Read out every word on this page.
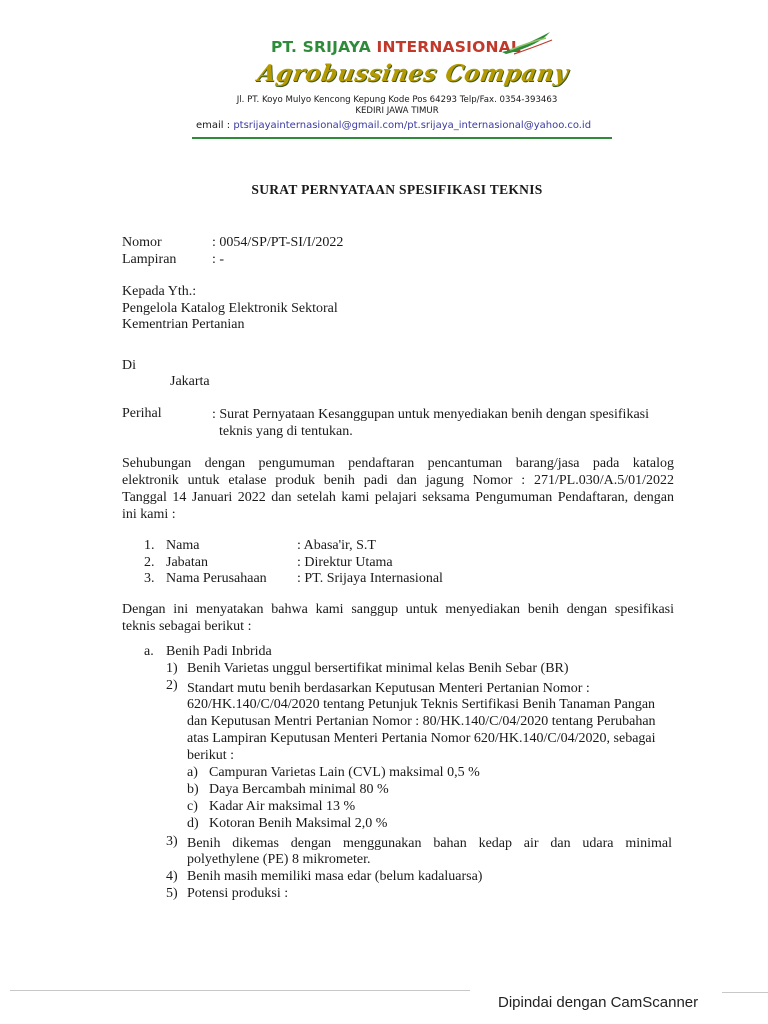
PT. SRIJAYA INTERNASIONAL
Agrobussines Company
Jl. PT. Koyo Mulyo Kencong Kepung Kode Pos 64293 Telp/Fax. 0354-393463
KEDIRI JAWA TIMUR
email : ptsrijayainternasional@gmail.com/pt.srijaya_internasional@yahoo.co.id
SURAT PERNYATAAN SPESIFIKASI TEKNIS
Nomor	: 0054/SP/PT-SI/I/2022
Lampiran	: -
Kepada Yth.:
Pengelola Katalog Elektronik Sektoral
Kementrian Pertanian
Di
Jakarta
Perihal	: Surat Pernyataan Kesanggupan untuk menyediakan benih dengan spesifikasi
teknis yang di tentukan.
Sehubungan dengan pengumuman pendaftaran pencantuman barang/jasa pada katalog
elektronik untuk etalase produk benih padi dan jagung Nomor : 271/PL.030/A.5/01/2022
Tanggal 14 Januari 2022 dan setelah kami pelajari seksama Pengumuman Pendaftaran, dengan
ini kami :
1. Nama	: Abasa'ir, S.T
2. Jabatan	: Direktur Utama
3. Nama Perusahaan : PT. Srijaya Internasional
Dengan ini menyatakan bahwa kami sanggup untuk menyediakan benih dengan spesifikasi
teknis sebagai berikut :
a. Benih Padi Inbrida
1) Benih Varietas unggul bersertifikat minimal kelas Benih Sebar (BR)
2) Standart mutu benih berdasarkan Keputusan Menteri Pertanian Nomor :
620/HK.140/C/04/2020 tentang Petunjuk Teknis Sertifikasi Benih Tanaman Pangan
dan Keputusan Mentri Pertanian Nomor : 80/HK.140/C/04/2020 tentang Perubahan
atas Lampiran Keputusan Menteri Pertania Nomor 620/HK.140/C/04/2020, sebagai
berikut :
a) Campuran Varietas Lain (CVL) maksimal 0,5 %
b) Daya Bercambah minimal 80 %
c) Kadar Air maksimal 13 %
d) Kotoran Benih Maksimal 2,0 %
3) Benih dikemas dengan menggunakan bahan kedap air dan udara minimal
polyethylene (PE) 8 mikrometer.
4) Benih masih memiliki masa edar (belum kadaluarsa)
5) Potensi produksi :
Dipindai dengan CamScanner
